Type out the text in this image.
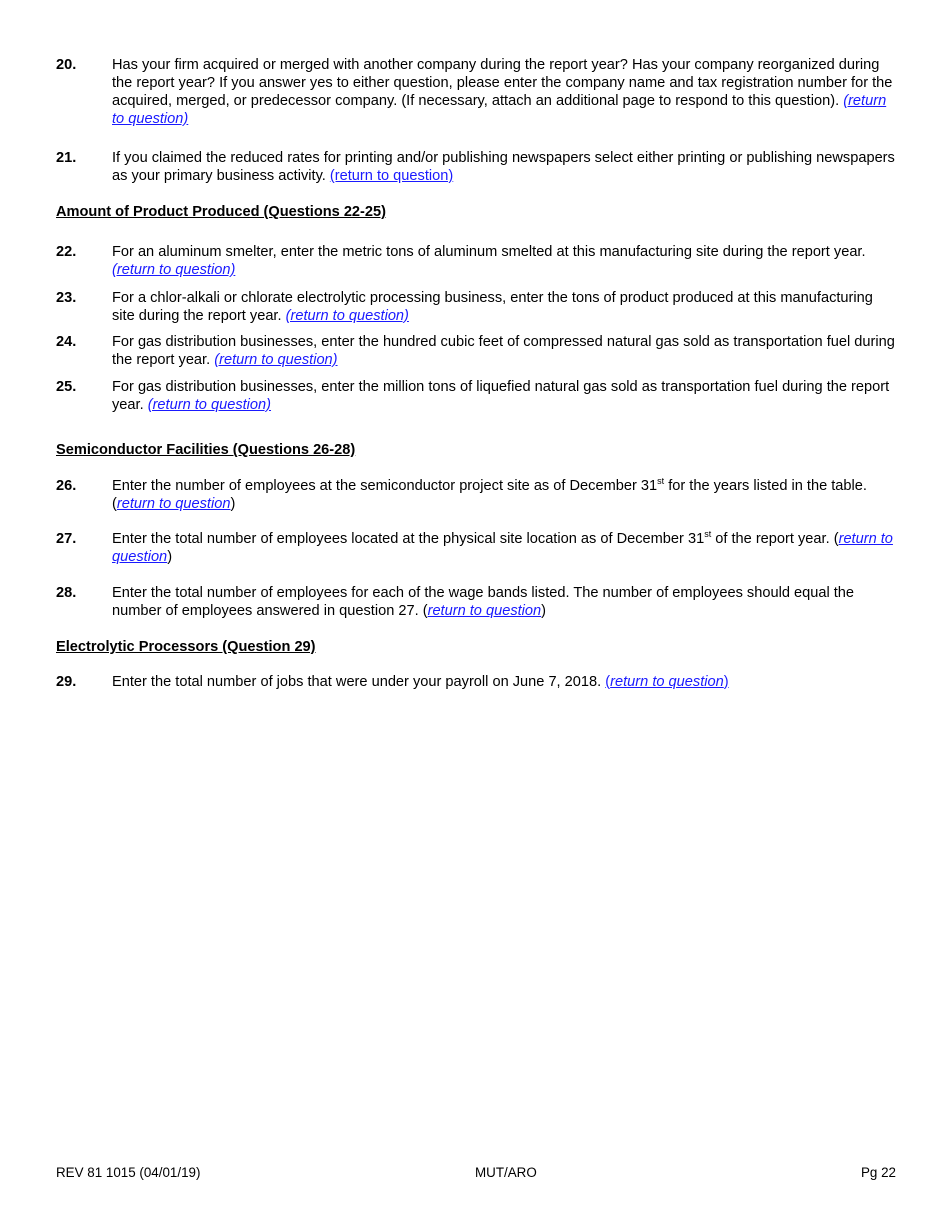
20.	Has your firm acquired or merged with another company during the report year? Has your company reorganized during the report year? If you answer yes to either question, please enter the company name and tax registration number for the acquired, merged, or predecessor company. (If necessary, attach an additional page to respond to this question). (return to question)
21.	If you claimed the reduced rates for printing and/or publishing newspapers select either printing or publishing newspapers as your primary business activity. (return to question)
Amount of Product Produced (Questions 22-25)
22.	For an aluminum smelter, enter the metric tons of aluminum smelted at this manufacturing site during the report year. (return to question)
23.	For a chlor-alkali or chlorate electrolytic processing business, enter the tons of product produced at this manufacturing site during the report year. (return to question)
24.	For gas distribution businesses, enter the hundred cubic feet of compressed natural gas sold as transportation fuel during the report year. (return to question)
25.	For gas distribution businesses, enter the million tons of liquefied natural gas sold as transportation fuel during the report year. (return to question)
Semiconductor Facilities (Questions 26-28)
26.	Enter the number of employees at the semiconductor project site as of December 31st for the years listed in the table.  (return to question)
27.	Enter the total number of employees located at the physical site location as of December 31st of the report year. (return to question)
28.	Enter the total number of employees for each of the wage bands listed. The number of employees should equal the number of employees answered in question 27. (return to question)
Electrolytic Processors (Question 29)
29.	Enter the total number of jobs that were under your payroll on June 7, 2018. (return to question)
REV 81 1015 (04/01/19)	MUT/ARO	Pg 22
